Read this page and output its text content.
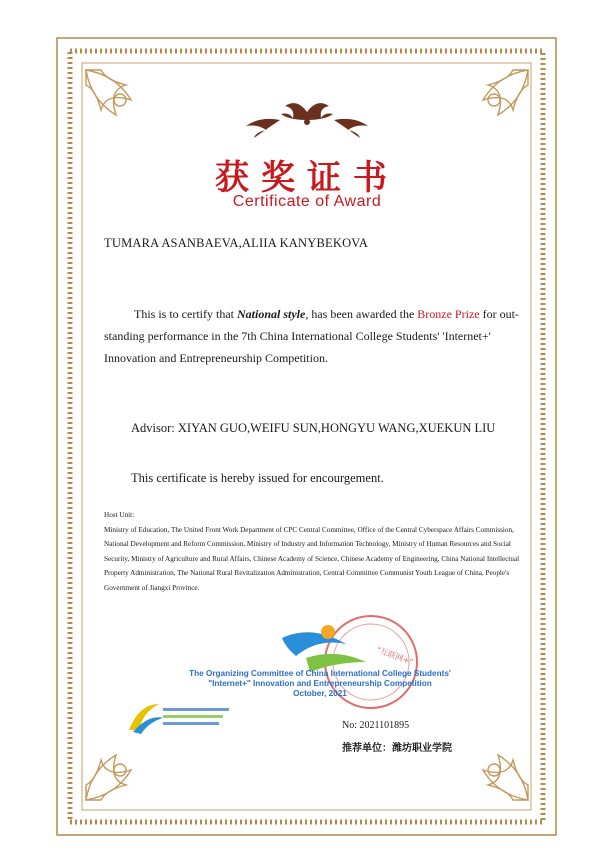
获奖证书
Certificate of Award
TUMARA ASANBAEVA,ALIIA KANYBEKOVA
This is to certify that National style, has been awarded the Bronze Prize for out-standing performance in the 7th China International College Students' 'Internet+' Innovation and Entrepreneurship Competition.
Advisor: XIYAN GUO,WEIFU SUN,HONGYU WANG,XUEKUN LIU
This certificate is hereby issued for encourgement.
Host Unit:
Ministry of Education, The United Front Work Department of CPC Central Committee, Office of the Central Cyberspace Affairs Commission, National Development and Reform Commission, Ministry of Industry and Information Technology, Ministry of Human Resources and Social Security, Ministry of Agriculture and Rural Affairs, Chinese Academy of Science, Chinese Academy of Engineering, China National Intellectual Property Administration, The National Rural Revitalization Administration, Central Committee Communist Youth League of China, People's Government of Jiangxi Province.
"互联网+"
The Organizing Committee of China International College Students'
"Internet+" Innovation and Entrepreneurship Competition
October, 2021
No: 2021101895
推荐单位：潍坊职业学院
